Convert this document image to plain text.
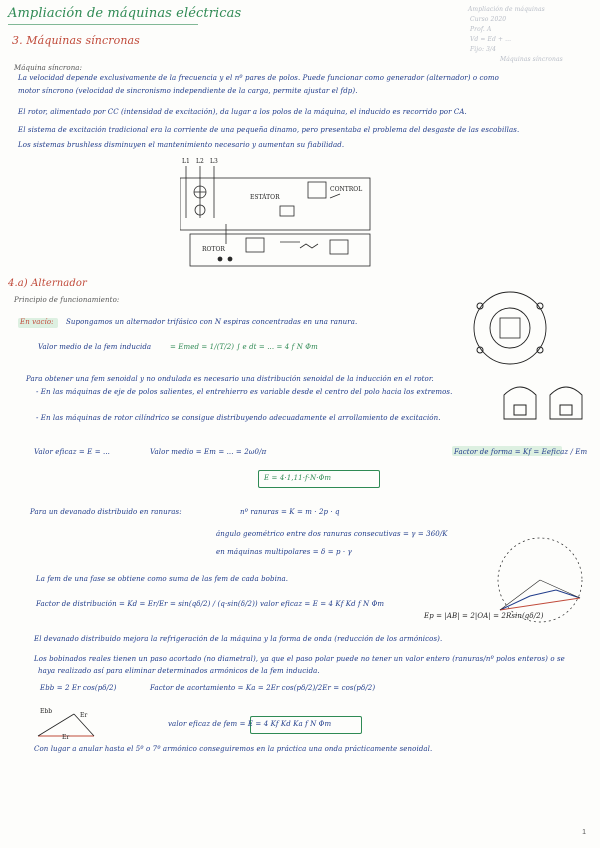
Ampliación de máquinas eléctricas
3. Máquinas síncronas
Ampliación de máquinas
Curso 2020
Prof. A
Vd = Ed + ...
Fijo: 3/4
Máquinas síncronas
Máquina síncrona:
La velocidad depende exclusivamente de la frecuencia y el nº pares de polos. Puede funcionar como generador (alternador) o como
motor síncrono (velocidad de sincronismo independiente de la carga, permite ajustar el fdp).
El rotor, alimentado por CC (intensidad de excitación), da lugar a los polos de la máquina, el inducido es recorrido por CA.
El sistema de excitación tradicional era la corriente de una pequeña dinamo, pero presentaba el problema del desgaste de las escobillas.
Los sistemas brushless disminuyen el mantenimiento necesario y aumentan su fiabilidad.
L1 L2 L3
ESTÁTOR
CONTROL
ROTOR
4.a) Alternador
Principio de funcionamiento:
En vacío: Supongamos un alternador trifásico con N espiras concentradas en una ranura.
Valor medio de la fem inducida	= Emed = 1/(T/2) ∫ e dt = ... = 4 f N Φm
Para obtener una fem senoidal y no ondulada es necesario una distribución senoidal de la inducción en el rotor.
- En las máquinas de eje de polos salientes, el entrehierro es variable desde el centro del polo hacia los extremos.
- En las máquinas de rotor cilíndrico se consigue distribuyendo adecuadamente el arrollamiento de excitación.
Valor eficaz = E = ...	Valor medio = Em = ... = 2ω0/π	Factor de forma = Kf = Eeficaz / Em
E = 4·1,11·f·N·Φm
Para un devanado distribuido en ranuras:	nº ranuras = K = m · 2p · q
ángulo geométrico entre dos ranuras consecutivas = γ = 360/K
en máquinas multipolares = δ = p · γ
La fem de una fase se obtiene como suma de las fem de cada bobina.
Factor de distribución = Kd = Er/Er = sin(qδ/2) / (q·sin(δ/2)) valor eficaz = E = 4 Kf Kd f N Φm
Ep = |AB| = 2|OA| = 2Rsin(qδ/2)
El devanado distribuido mejora la refrigeración de la máquina y la forma de onda (reducción de los armónicos).
Los bobinados reales tienen un paso acortado (no diametral), ya que el paso polar puede no tener un valor entero (ranuras/nº polos enteros) o se
haya realizado así para eliminar determinados armónicos de la fem inducida.
Ebb = 2 Er cos(pδ/2)	Factor de acortamiento = Ka = 2Er cos(pδ/2)/2Er = cos(pδ/2)
Ebb
Er
Er
valor eficaz de fem = E = 4 Kf Kd Ka f N Φm
Con lugar a anular hasta el 5º o 7º armónico conseguiremos en la práctica una onda prácticamente senoidal.
1
